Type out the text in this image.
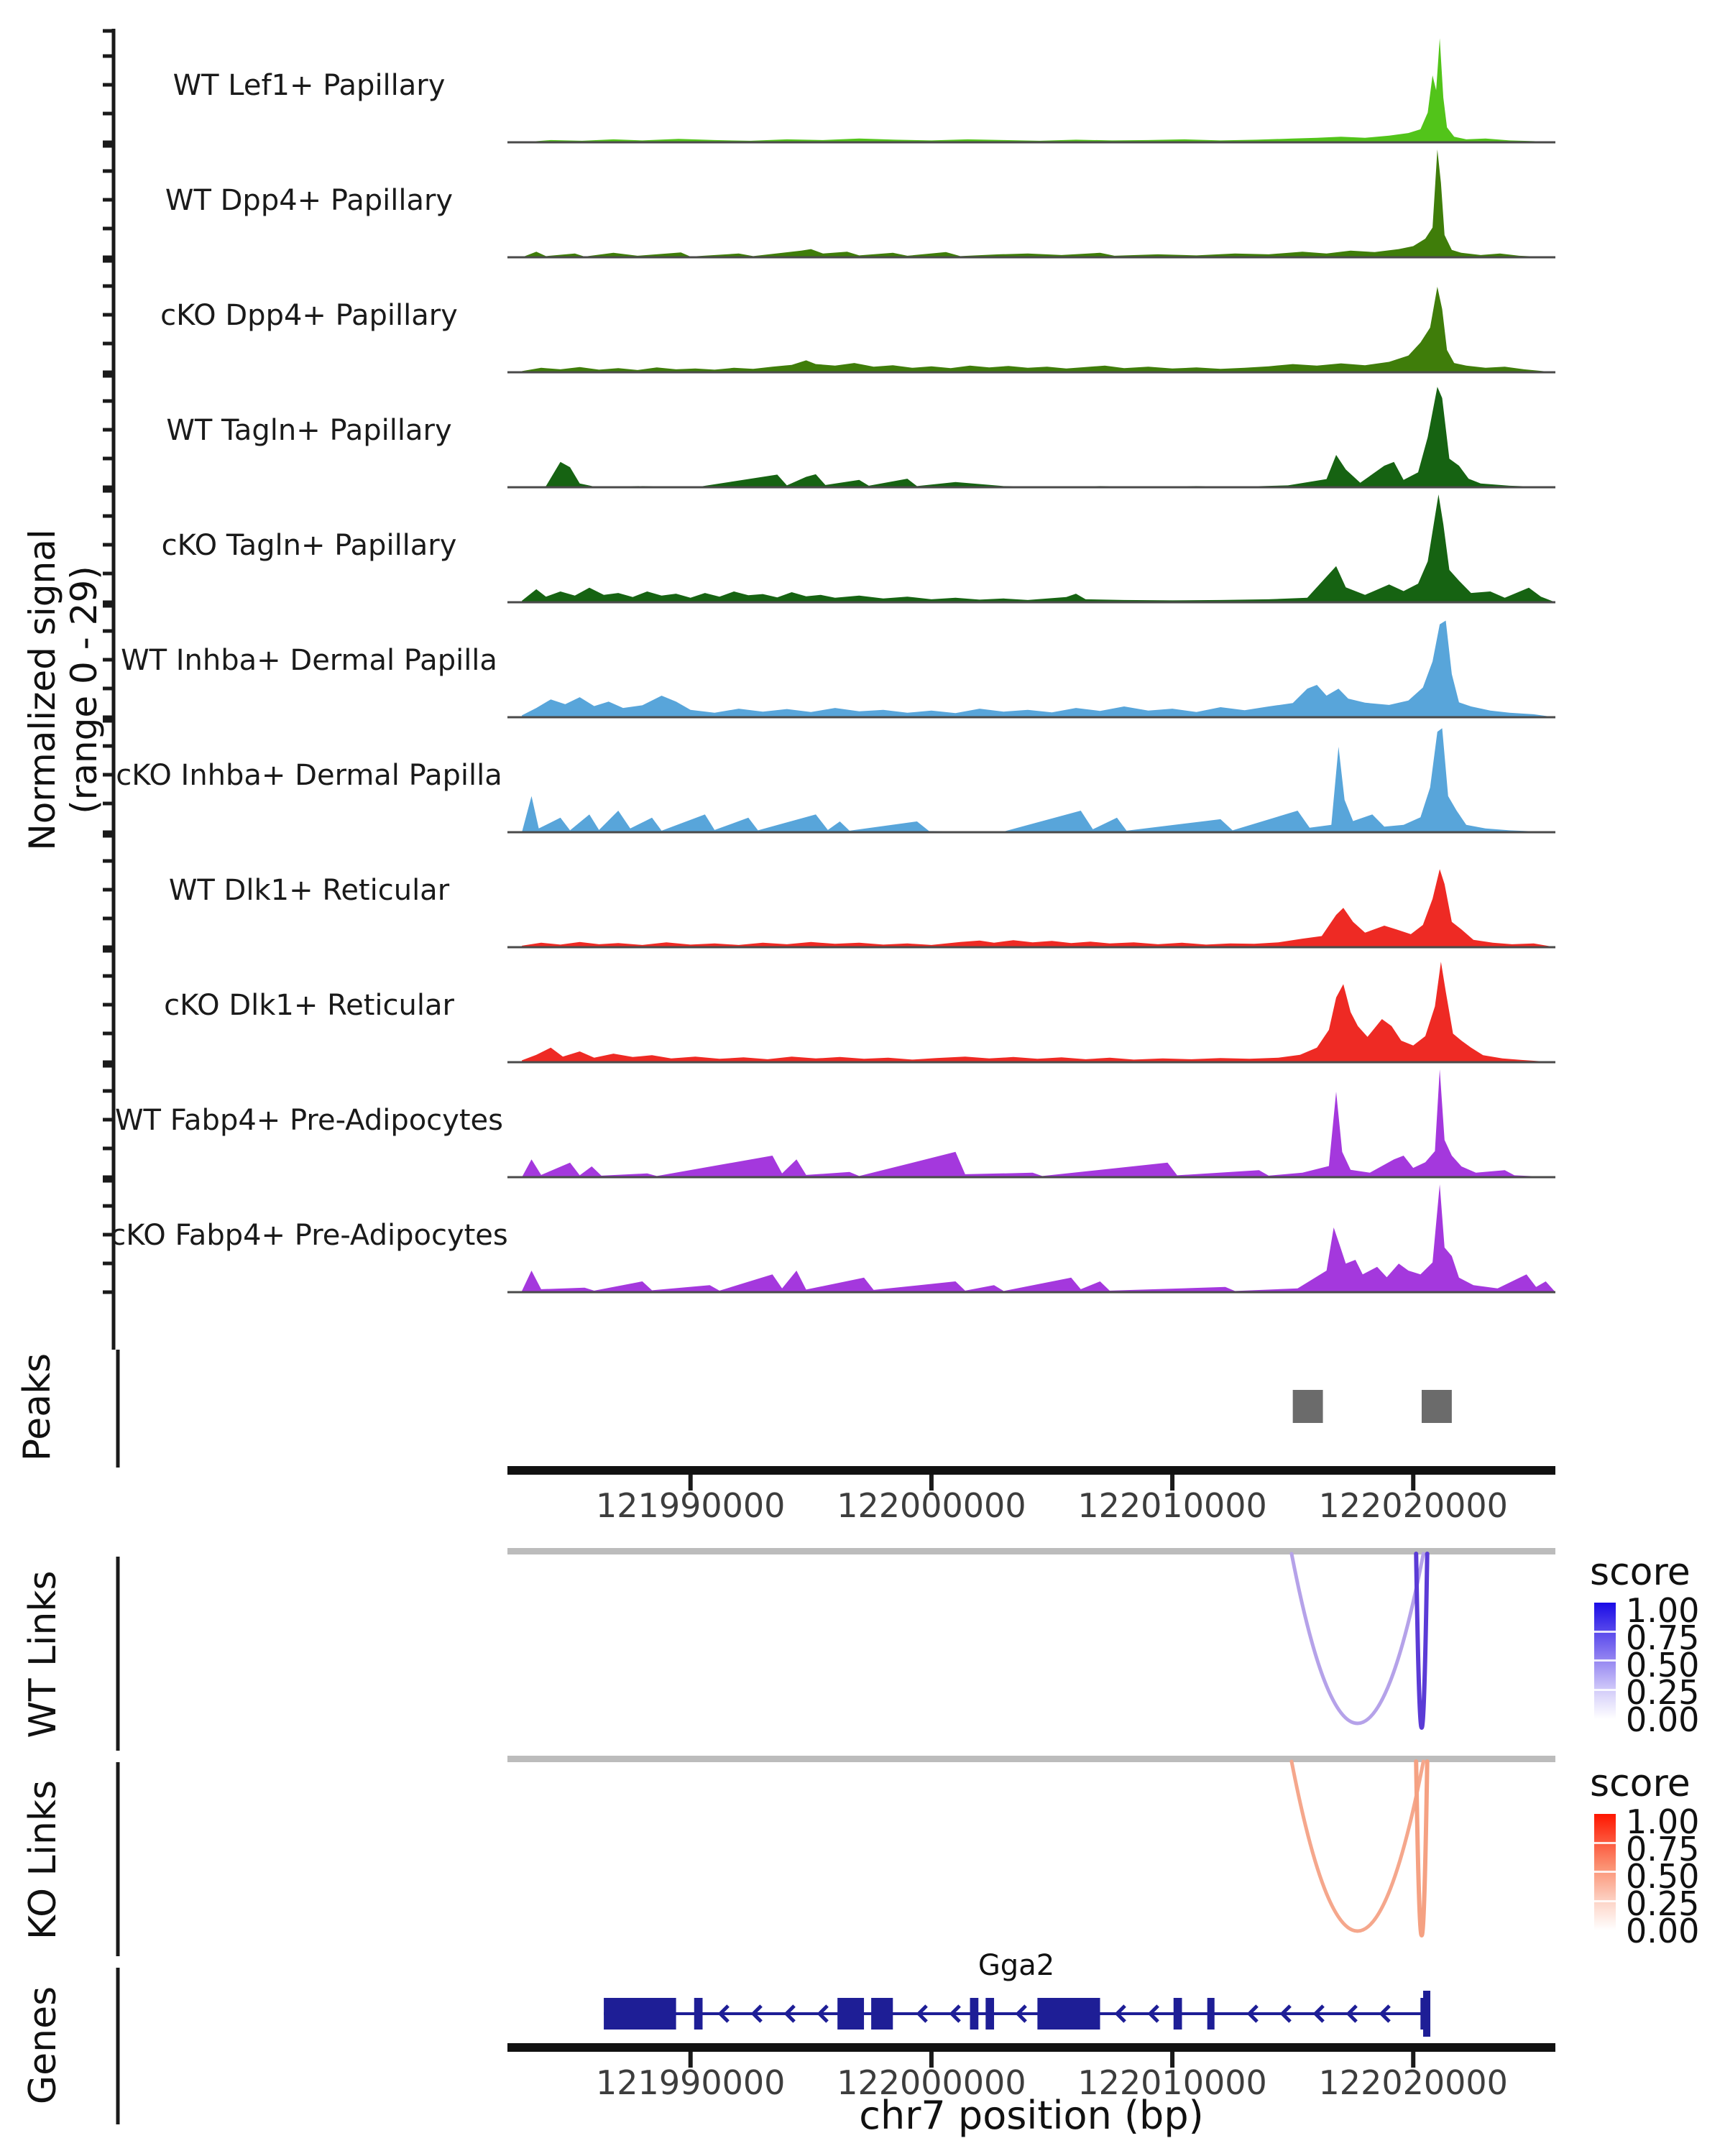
Normalized signal (range 0 - 29)
Peaks
WT Links
KO Links
Genes
score
1.00
0.75
0.50
0.25
0.00
score
1.00
0.75
0.50
0.25
0.00
Gga2
chr7 position (bp)
WT Lef1+ Papillary
WT Dpp4+ Papillary
cKO Dpp4+ Papillary
WT Tagln+ Papillary
cKO Tagln+ Papillary
WT Inhba+ Dermal Papilla
cKO Inhba+ Dermal Papilla
WT Dlk1+ Reticular
cKO Dlk1+ Reticular
WT Fabp4+ Pre-Adipocytes
cKO Fabp4+ Pre-Adipocytes
121990000	122000000	122010000	122020000
121990000	122000000	122010000	122020000
